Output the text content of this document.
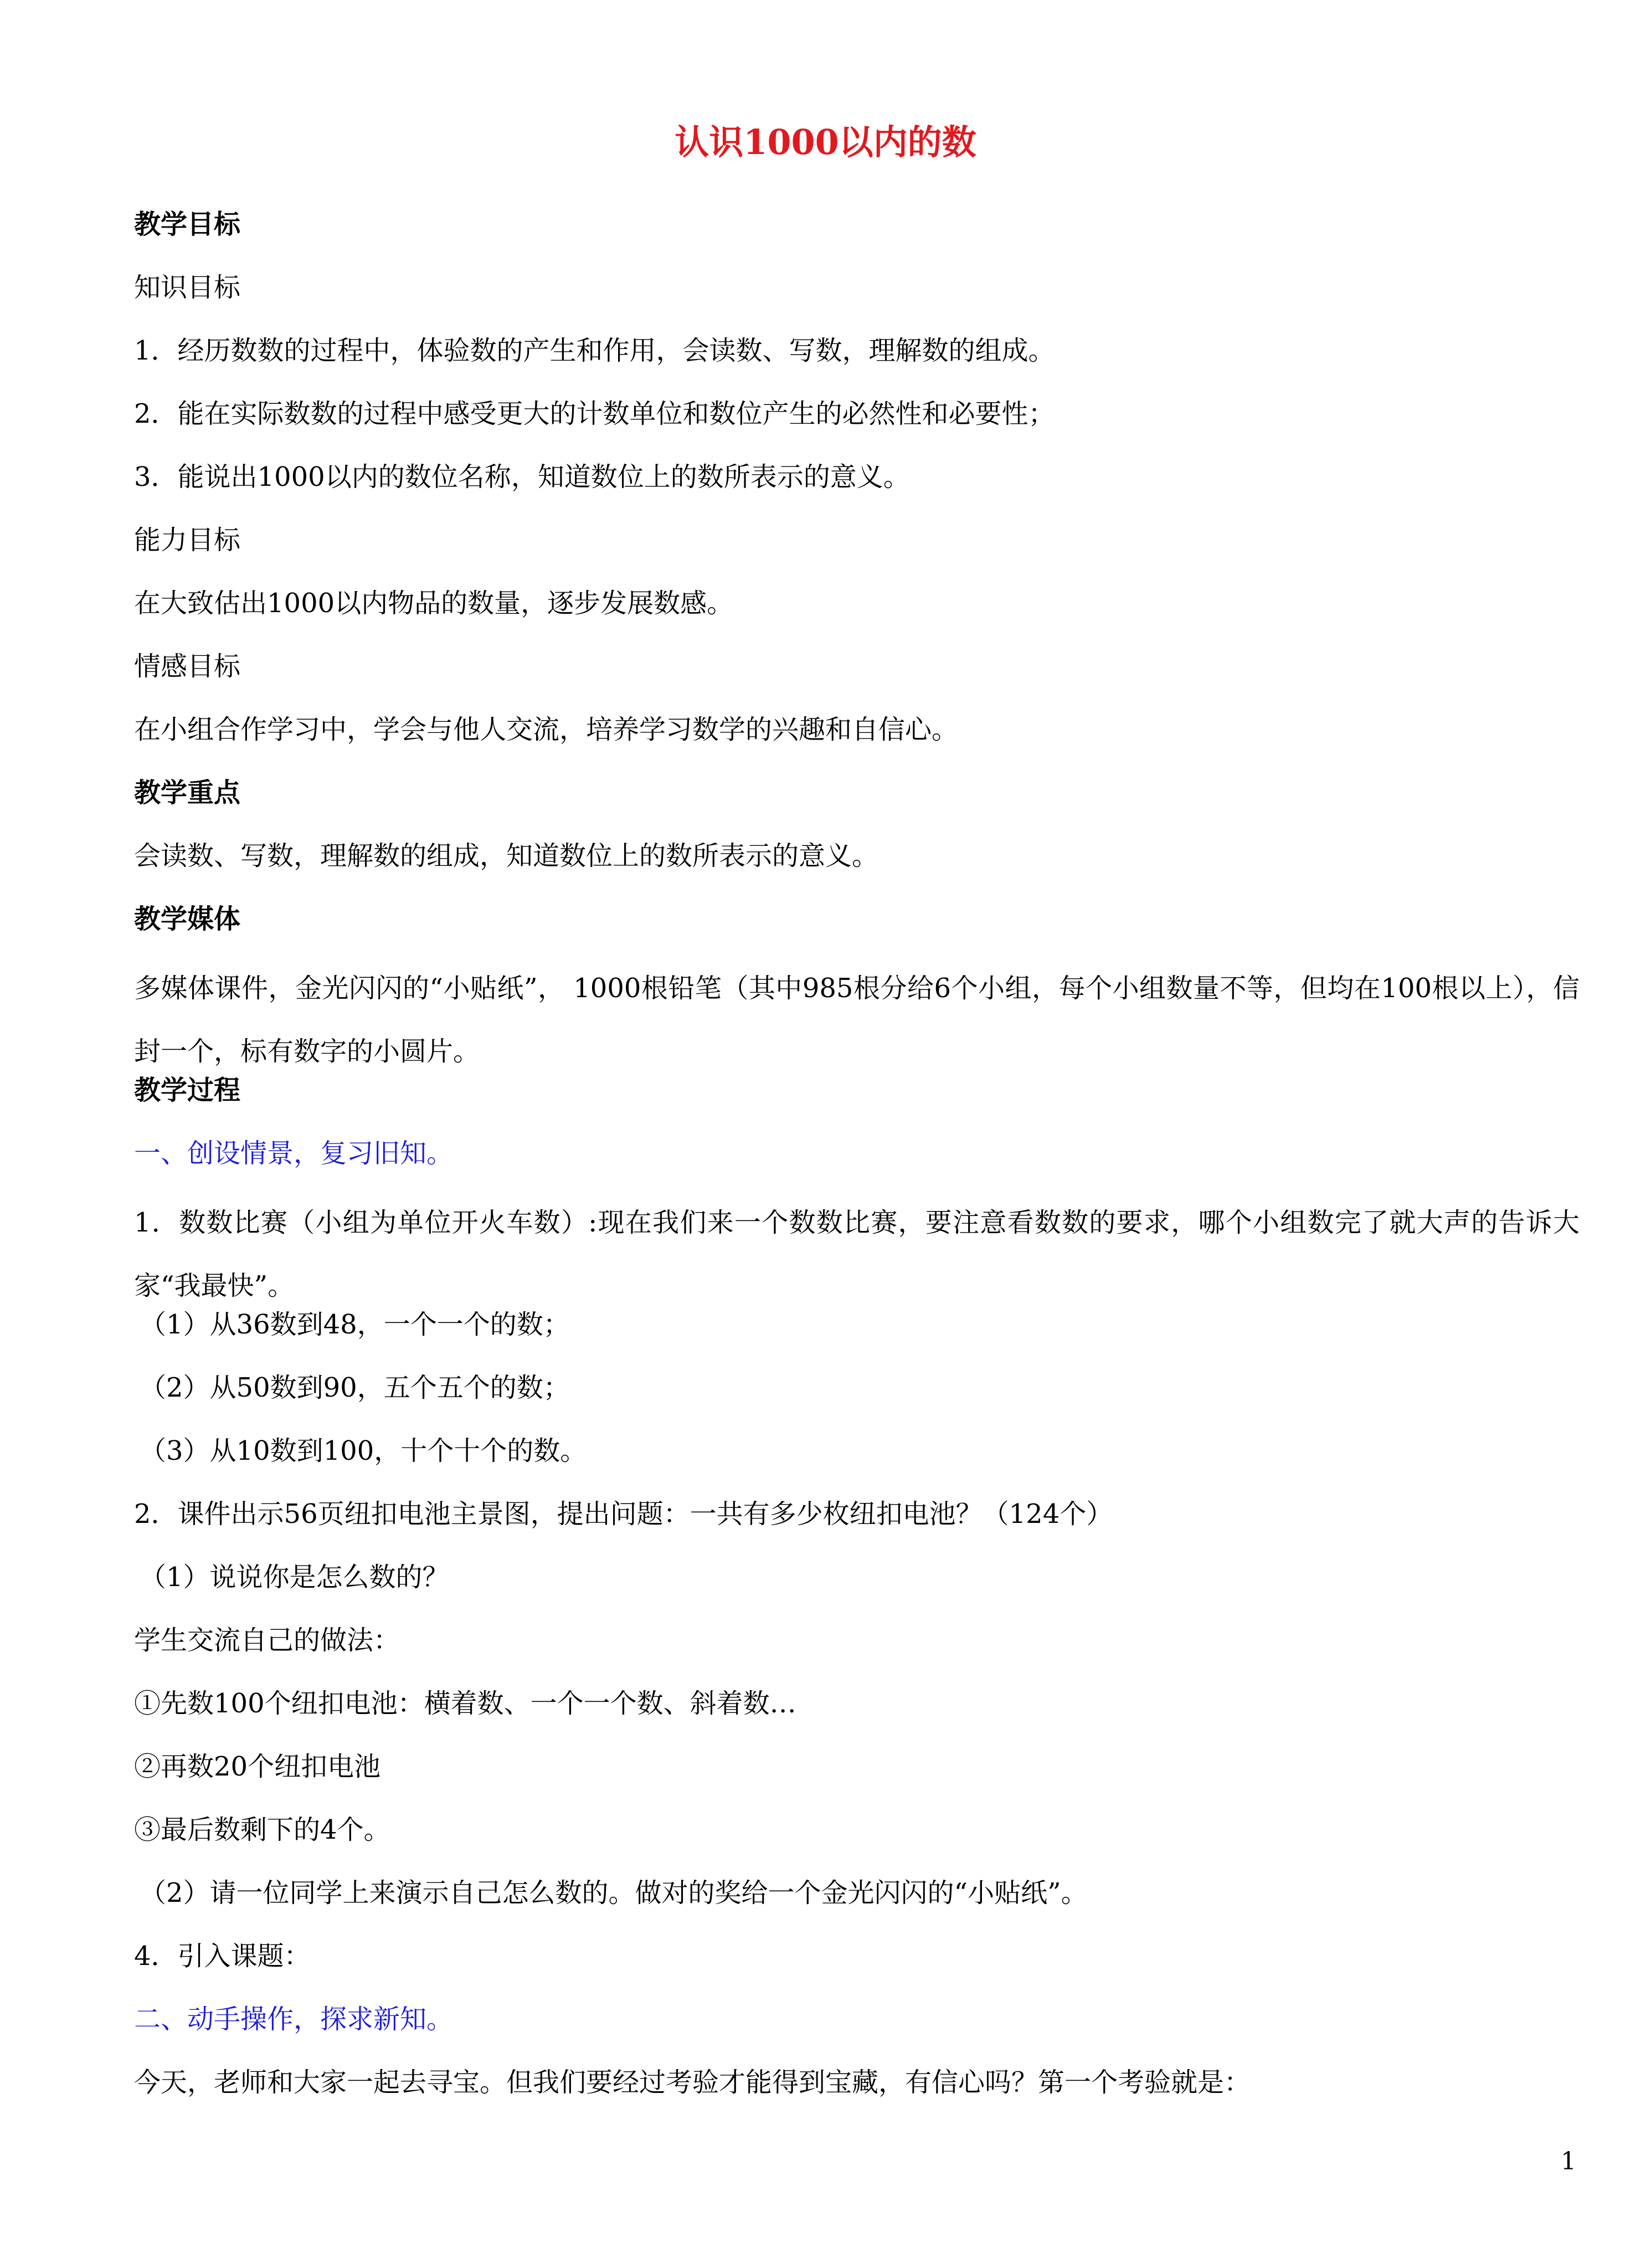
认识1000以内的数
教学目标
知识目标
1．经历数数的过程中，体验数的产生和作用，会读数、写数，理解数的组成。
2．能在实际数数的过程中感受更大的计数单位和数位产生的必然性和必要性；
3．能说出1000以内的数位名称，知道数位上的数所表示的意义。
能力目标
在大致估出1000以内物品的数量，逐步发展数感。
情感目标
在小组合作学习中，学会与他人交流，培养学习数学的兴趣和自信心。
教学重点
会读数、写数，理解数的组成，知道数位上的数所表示的意义。
教学媒体
多媒体课件，金光闪闪的“小贴纸”， 1000根铅笔（其中985根分给6个小组，每个小组数量不等，但均在100根以上），信封一个，标有数字的小圆片。
教学过程
一、创设情景，复习旧知。
1．数数比赛（小组为单位开火车数）:现在我们来一个数数比赛，要注意看数数的要求，哪个小组数完了就大声的告诉大家“我最快”。
（1）从36数到48，一个一个的数；
（2）从50数到90，五个五个的数；
（3）从10数到100，十个十个的数。
2．课件出示56页纽扣电池主景图，提出问题：一共有多少枚纽扣电池？（124个）
（1）说说你是怎么数的？
学生交流自己的做法：
①先数100个纽扣电池：横着数、一个一个数、斜着数…
②再数20个纽扣电池
③最后数剩下的4个。
（2）请一位同学上来演示自己怎么数的。做对的奖给一个金光闪闪的“小贴纸”。
4．引入课题：
二、动手操作，探求新知。
今天，老师和大家一起去寻宝。但我们要经过考验才能得到宝藏，有信心吗？第一个考验就是：
1
